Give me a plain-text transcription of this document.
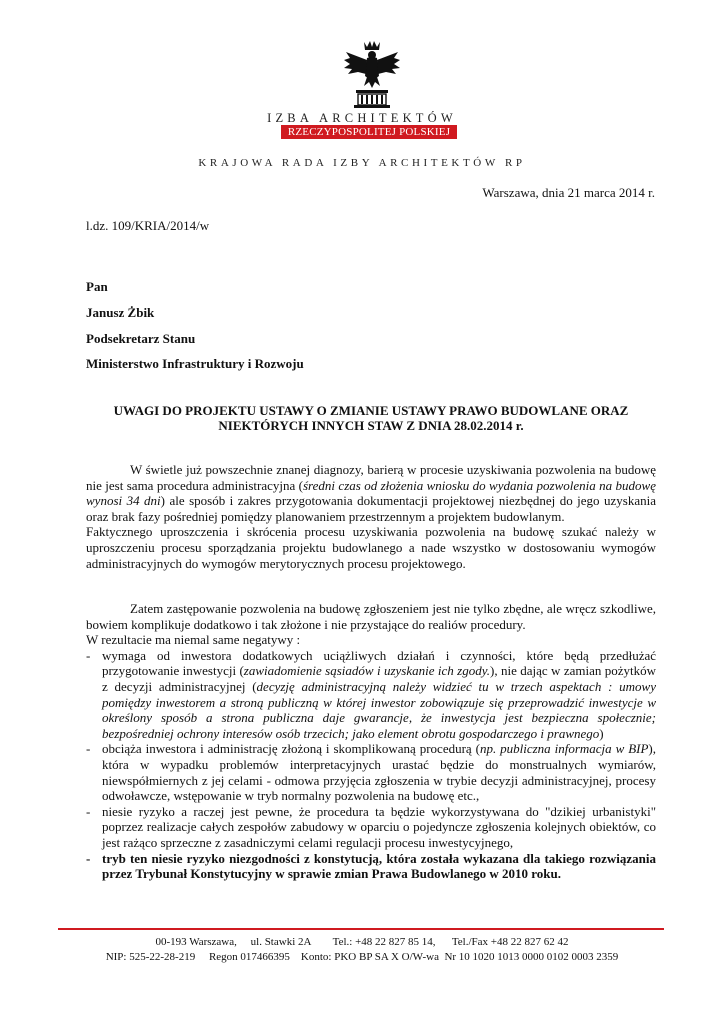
IZBA ARCHITEKTÓW
RZECZYPOSPOLITEJ POLSKIEJ
KRAJOWA RADA IZBY ARCHITEKTÓW RP
Warszawa, dnia 21 marca 2014 r.
l.dz. 109/KRIA/2014/w
Pan
Janusz Żbik
Podsekretarz Stanu
Ministerstwo Infrastruktury i Rozwoju
UWAGI DO PROJEKTU USTAWY O ZMIANIE USTAWY PRAWO BUDOWLANE ORAZ
NIEKTÓRYCH INNYCH STAW Z DNIA 28.02.2014 r.

W świetle już powszechnie znanej diagnozy, barierą w procesie uzyskiwania pozwolenia na budowę nie jest sama procedura administracyjna (średni czas od złożenia wniosku do wydania pozwolenia na budowę wynosi 34 dni) ale sposób i zakres przygotowania dokumentacji projektowej niezbędnej do jego uzyskania oraz brak fazy pośredniej pomiędzy planowaniem przestrzennym a projektem budowlanym.

Faktycznego uproszczenia i skrócenia procesu uzyskiwania pozwolenia na budowę szukać należy w uproszczeniu procesu sporządzania projektu budowlanego a nade wszystko w dostosowaniu wymogów administracyjnych do wymogów merytorycznych procesu projektowego.

Zatem zastępowanie pozwolenia na budowę zgłoszeniem jest nie tylko zbędne, ale wręcz szkodliwe, bowiem komplikuje dodatkowo i tak złożone i nie przystające do realiów procedury.

W rezultacie ma niemal same negatywy :

- wymaga od inwestora dodatkowych uciążliwych działań i czynności, które będą przedłużać przygotowanie inwestycji (zawiadomienie sąsiadów i uzyskanie ich zgody.), nie dając w zamian pożytków z decyzji administracyjnej (decyzję administracyjną należy widzieć tu w trzech aspektach : umowy pomiędzy inwestorem a stroną publiczną w której inwestor zobowiązuje się przeprowadzić inwestycje w określony sposób a strona publiczna daje gwarancje, że inwestycja jest bezpieczna społecznie; bezpośredniej ochrony interesów osób trzecich; jako element obrotu gospodarczego i prawnego)
- obciąża inwestora i administrację złożoną i skomplikowaną procedurą (np. publiczna informacja w BIP), która w wypadku problemów interpretacyjnych urastać będzie do monstrualnych wymiarów, niewspółmiernych z jej celami - odmowa przyjęcia zgłoszenia w trybie decyzji administracyjnej, procesy odwoławcze, wstępowanie w tryb normalny pozwolenia na budowę etc.,
- niesie ryzyko a raczej jest pewne, że procedura ta będzie wykorzystywana do "dzikiej urbanistyki" poprzez realizacje całych zespołów zabudowy w oparciu o pojedyncze zgłoszenia kolejnych obiektów, co jest rażąco sprzeczne z zasadniczymi celami regulacji procesu inwestycyjnego,
- tryb ten niesie ryzyko niezgodności z konstytucją, która została wykazana dla takiego rozwiązania przez Trybunał Konstytucyjny w sprawie zmian Prawa Budowlanego w 2010 roku.
00-193 Warszawa,     ul. Stawki 2A        Tel.: +48 22 827 85 14,      Tel./Fax +48 22 827 62 42
NIP: 525-22-28-219     Regon 017466395    Konto: PKO BP SA X O/W-wa  Nr 10 1020 1013 0000 0102 0003 2359
